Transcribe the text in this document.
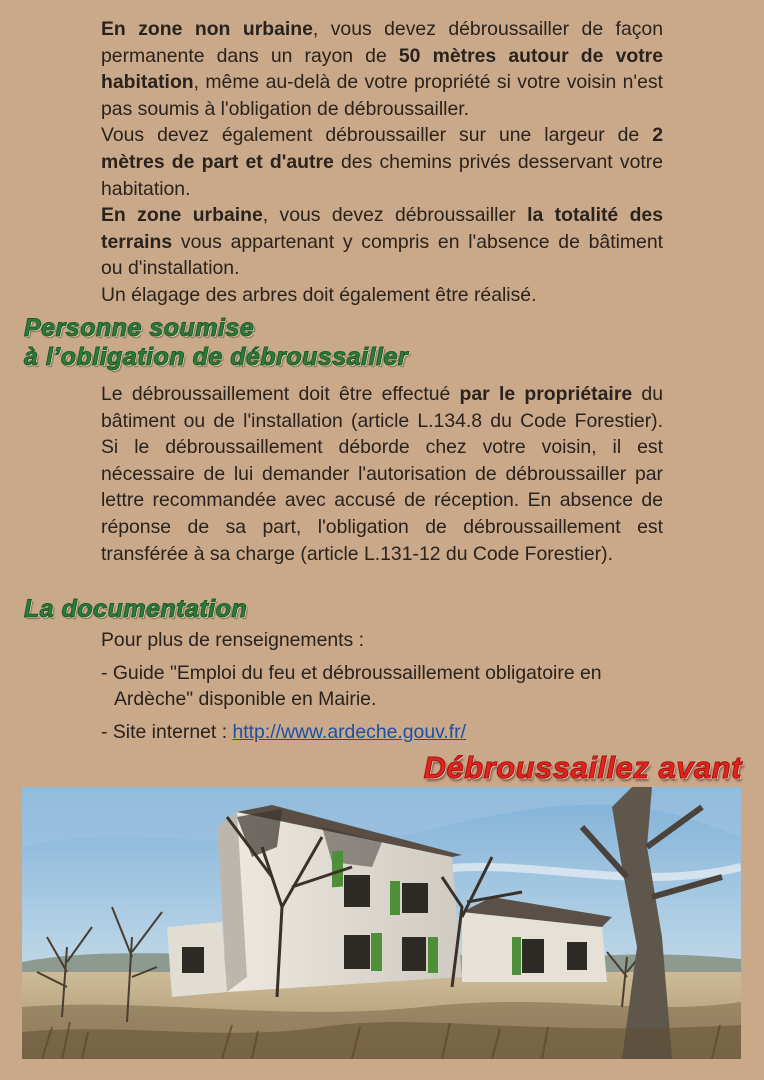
En zone non urbaine, vous devez débroussailler de façon permanente dans un rayon de 50 mètres autour de votre habitation, même au-delà de votre propriété si votre voisin n'est pas soumis à l'obligation de débroussailler.

Vous devez également débroussailler sur une largeur de 2 mètres de part et d'autre des chemins privés desservant votre habitation.

En zone urbaine, vous devez débroussailler la totalité des terrains vous appartenant y compris en l'absence de bâtiment ou d'installation.

Un élagage des arbres doit également être réalisé.

Personne soumise
à l’obligation de débroussailler

Le débroussaillement doit être effectué par le propriétaire du bâtiment ou de l'installation (article L.134.8 du Code Forestier). Si le débroussaillement déborde chez votre voisin, il est nécessaire de lui demander l'autorisation de débroussailler par lettre recommandée avec accusé de réception. En absence de réponse de sa part, l'obligation de débroussaillement est transférée à sa charge (article L.131-12 du Code Forestier).

La documentation

Pour plus de renseignements :

- Guide "Emploi du feu et débroussaillement obligatoire en Ardèche" disponible en Mairie.

- Site internet : http://www.ardeche.gouv.fr/

Débroussaillez avant
